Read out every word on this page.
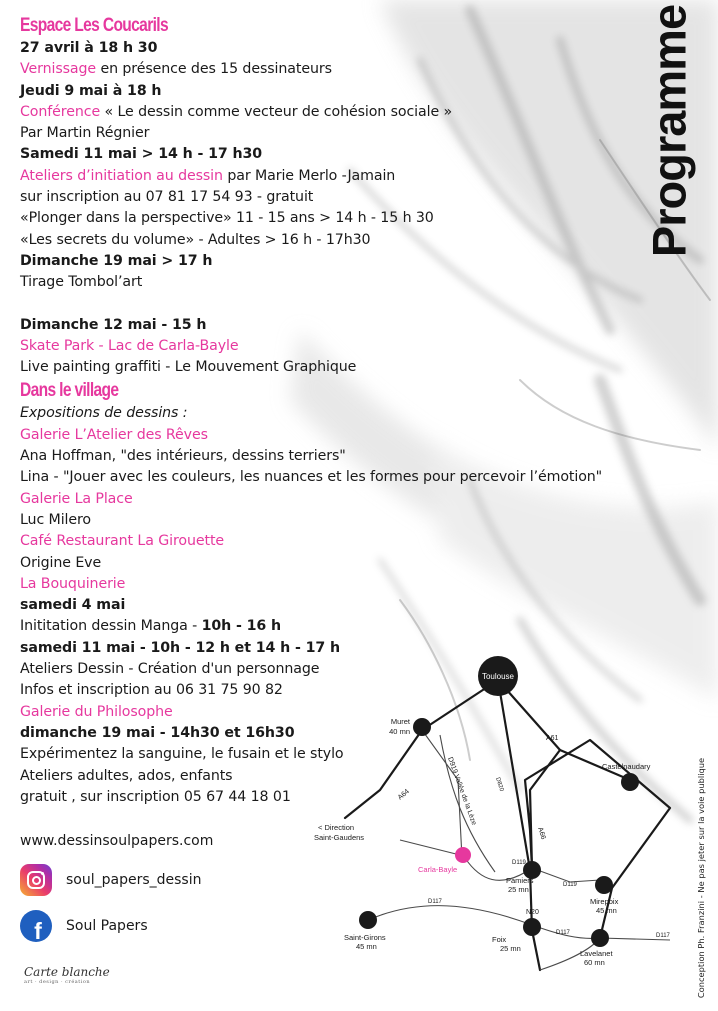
Programme
Espace Les Coucarils
27 avril à 18 h 30
Vernissage en présence des 15 dessinateurs
Jeudi 9 mai à 18 h
Conférence « Le dessin comme vecteur de cohésion sociale »
Par Martin Régnier
Samedi 11 mai > 14 h - 17 h30
Ateliers d’initiation au dessin par Marie Merlo -Jamain
sur inscription au 07 81 17 54 93 - gratuit
«Plonger dans la perspective» 11 - 15 ans > 14 h - 15 h 30
«Les secrets du volume» - Adultes > 16 h - 17h30
Dimanche 19 mai > 17 h
Tirage Tombol’art
Dimanche 12 mai - 15 h
Skate Park - Lac de Carla-Bayle
Live painting graffiti - Le Mouvement Graphique
Dans le village
Expositions de dessins :
Galerie L’Atelier des Rêves
Ana Hoffman, "des intérieurs, dessins terriers"
Lina - "Jouer avec les couleurs, les nuances et les formes pour percevoir l’émotion"
Galerie La Place
Luc Milero
Café Restaurant La Girouette
Origine Eve
La Bouquinerie
samedi 4 mai
Inititation dessin Manga - 10h - 16 h
samedi 11 mai - 10h - 12 h et 14 h - 17 h
Ateliers Dessin - Création d'un personnage
Infos et inscription au 06 31 75 90 82
Galerie du Philosophe
dimanche 19 mai - 14h30 et 16h30
Expérimentez la sanguine, le fusain et le stylo
Ateliers adultes, ados, enfants
gratuit , sur inscription 05 67 44 18 01
www.dessinsoulpapers.com
soul_papers_dessin
f Soul Papers
Carte blanche
art · design · création	Conception Ph. Franzini - Ne pas jeter sur la voie publique
Toulouse
Muret
40 mn
Castelnaudary
< Direction
Saint-Gaudens
Carla-Bayle
Pamiers
25 mn
Mirepoix
45 mn
Saint-Girons
45 mn
Foix
25 mn
Lavelanet
60 mn
A61
A64
A66
D820
D919 Vallée de la Lèze
D119
D119
D117
D117	D117
N20
